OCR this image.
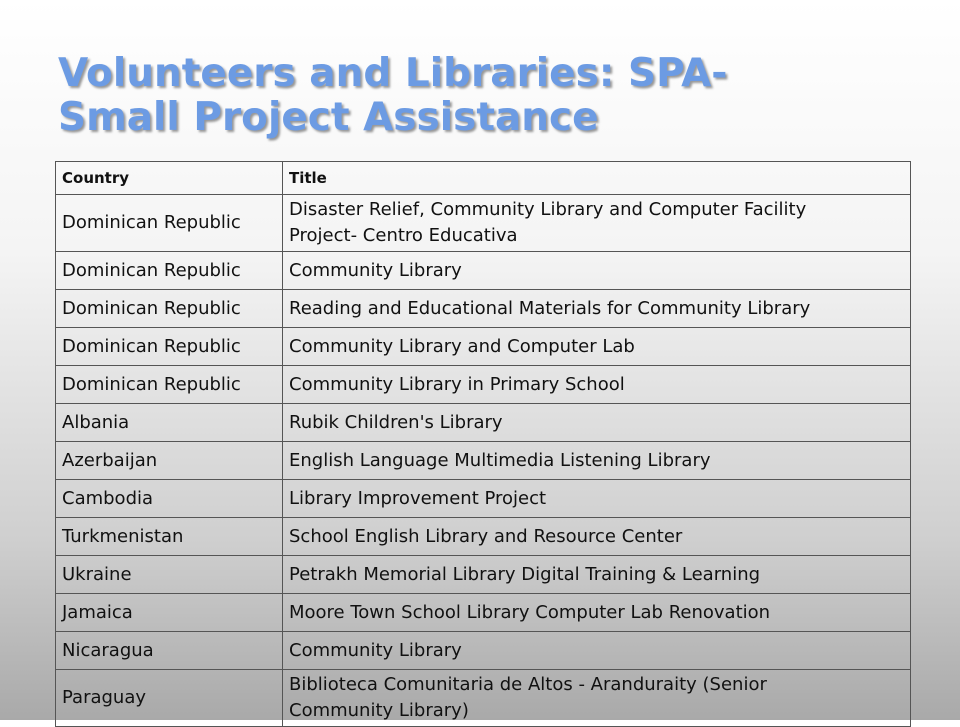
Volunteers and Libraries: SPA-
Small Project Assistance
Country	Title
Dominican Republic	Disaster Relief, Community Library and Computer Facility
Project- Centro Educativa

Dominican Republic	Community Library

Dominican Republic	Reading and Educational Materials for Community Library

Dominican Republic	Community Library and Computer Lab

Dominican Republic	Community Library in Primary School

Albania	Rubik Children's Library

Azerbaijan	English Language Multimedia Listening Library

Cambodia	Library Improvement Project

Turkmenistan	School English Library and Resource Center

Ukraine	Petrakh Memorial Library Digital Training & Learning

Jamaica	Moore Town School Library Computer Lab Renovation

Nicaragua	Community Library

Paraguay	Biblioteca Comunitaria de Altos - Aranduraity (Senior
Community Library)
